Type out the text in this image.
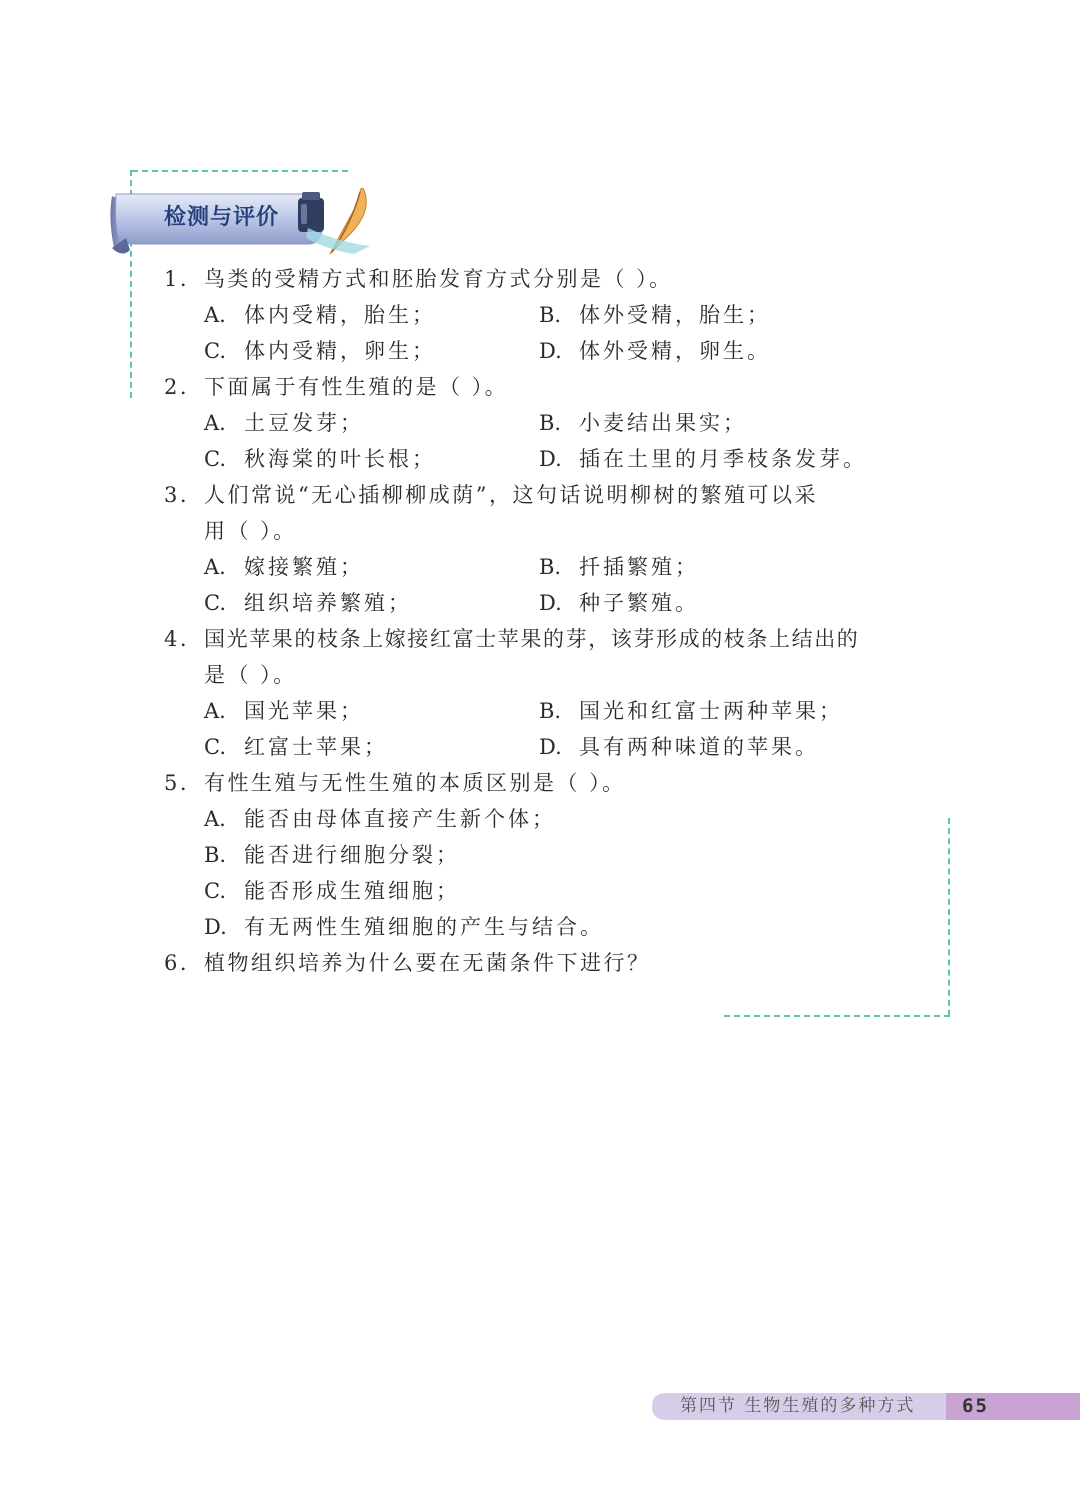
检测与评价
1. 鸟类的受精方式和胚胎发育方式分别是（ ）。
A. 体内受精，胎生；	B. 体外受精，胎生；
C. 体内受精，卵生；	D. 体外受精，卵生。
2. 下面属于有性生殖的是（ ）。
A. 土豆发芽；	B. 小麦结出果实；
C. 秋海棠的叶长根；	D. 插在土里的月季枝条发芽。
3. 人们常说“无心插柳柳成荫”，这句话说明柳树的繁殖可以采
用（ ）。
A. 嫁接繁殖；	B. 扦插繁殖；
C. 组织培养繁殖；	D. 种子繁殖。
4. 国光苹果的枝条上嫁接红富士苹果的芽，该芽形成的枝条上结出的
是（ ）。
A. 国光苹果；	B. 国光和红富士两种苹果；
C. 红富士苹果；	D. 具有两种味道的苹果。
5. 有性生殖与无性生殖的本质区别是（ ）。
A. 能否由母体直接产生新个体；
B. 能否进行细胞分裂；
C. 能否形成生殖细胞；
D. 有无两性生殖细胞的产生与结合。
6. 植物组织培养为什么要在无菌条件下进行？
第四节 生物生殖的多种方式 65
